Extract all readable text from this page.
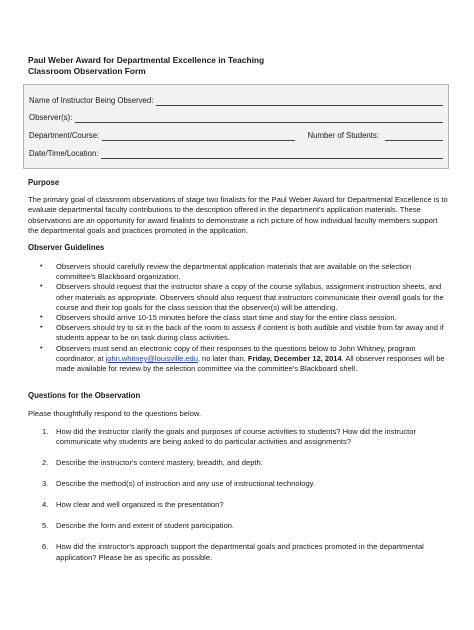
Paul Weber Award for Departmental Excellence in Teaching
Classroom Observation Form
Name of Instructor Being Observed:
Observer(s):
Department/Course:	Number of Students:
Date/Time/Location:
Purpose

The primary goal of classroom observations of stage two finalists for the Paul Weber Award for Departmental Excellence is to evaluate departmental faculty contributions to the description offered in the department's application materials. These observations are an opportunity for award finalists to demonstrate a rich picture of how individual faculty members support the departmental goals and practices promoted in the application.

Observer Guidelines
• Observers should carefully review the departmental application materials that are available on the selection committee's Blackboard organization.
• Observers should request that the instructor share a copy of the course syllabus, assignment instruction sheets, and other materials as appropriate. Observers should also request that instructors communicate their overall goals for the course and their top goals for the class session that the observer(s) will be attending.
• Observers should arrive 10-15 minutes before the class start time and stay for the entire class session.
• Observers should try to sit in the back of the room to assess if content is both audible and visible from far away and if students appear to be on task during class activities.
• Observers must send an electronic copy of their responses to the questions below to John Whitney, program coordinator, at john.whitney@louisville.edu, no later than, Friday, December 12, 2014. All observer responses will be made available for review by the selection committee via the committee's Blackboard shell.
Questions for the Observation

Please thoughtfully respond to the questions below.

1. How did the instructor clarify the goals and purposes of course activities to students? How did the instructor communicate why students are being asked to do particular activities and assignments?
2. Describe the instructor's content mastery, breadth, and depth.
3. Describe the method(s) of instruction and any use of instructional technology.
4. How clear and well organized is the presentation?
5. Describe the form and extent of student participation.
6. How did the instructor's approach support the departmental goals and practices promoted in the departmental application? Please be as specific as possible.
